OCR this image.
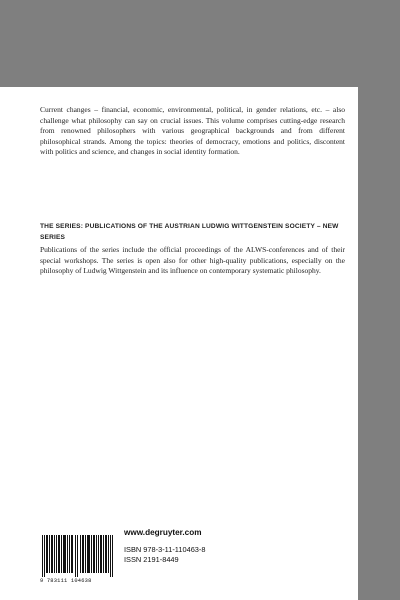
Current changes – financial, economic, environmental, political, in gender relations, etc. – also challenge what philosophy can say on crucial issues. This volume comprises cutting-edge research from renowned philosophers with various geographical backgrounds and from different philosophical strands. Among the topics: theories of democracy, emotions and politics, discontent with politics and science, and changes in social identity formation.

THE SERIES: PUBLICATIONS OF THE AUSTRIAN LUDWIG WITTGENSTEIN SOCIETY – NEW SERIES

Publications of the series include the official proceedings of the ALWS-conferences and of their special workshops. The series is open also for other high-quality publications, especially on the philosophy of Ludwig Wittgenstein and its influence on contemporary systematic philosophy.

9 783111 104638

www.degruyter.com

ISBN 978-3-11-110463-8
ISSN 2191-8449
